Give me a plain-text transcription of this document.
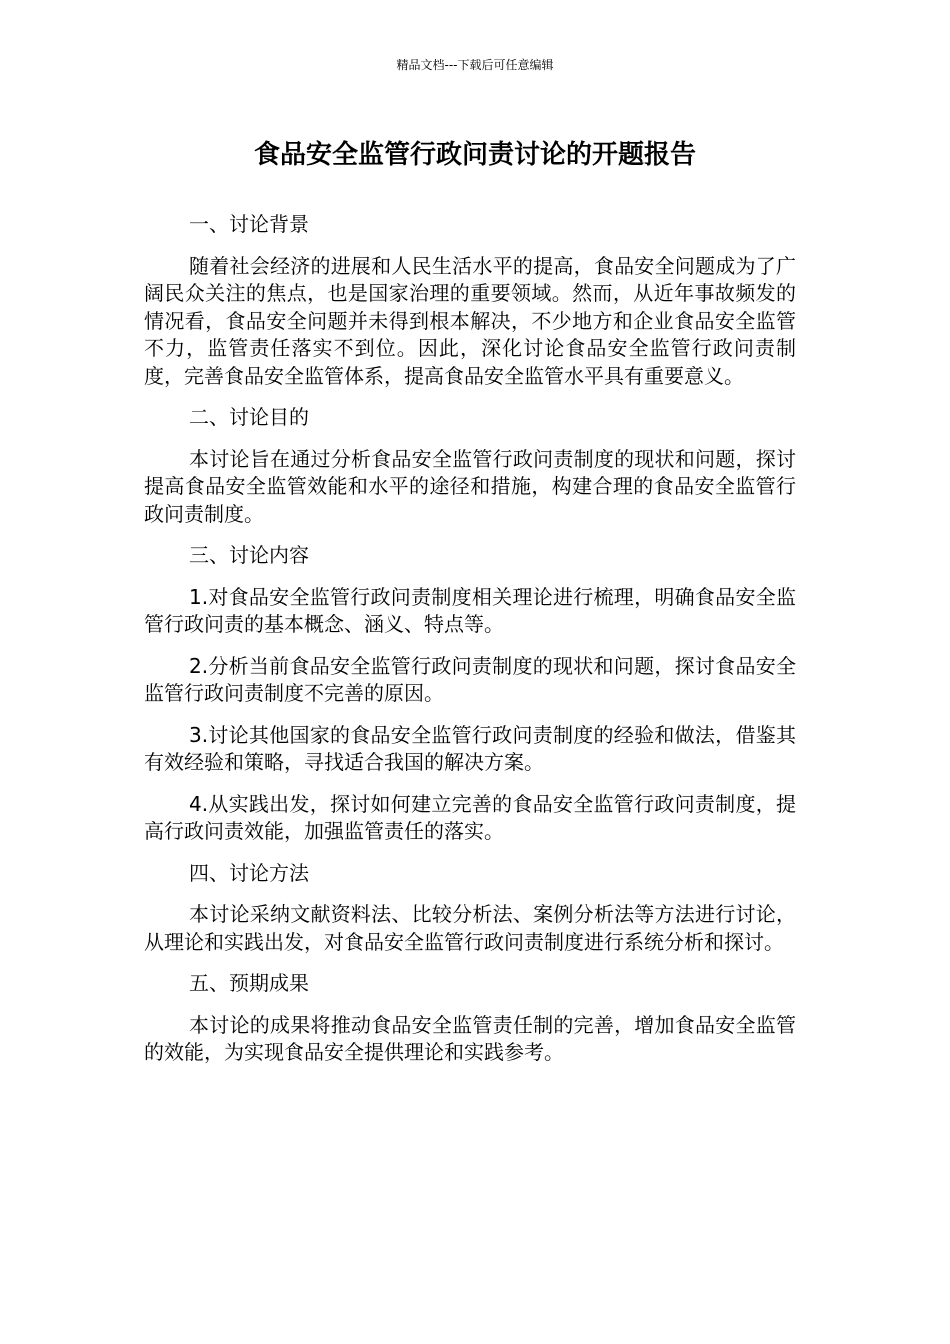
精品文档---下载后可任意编辑
食品安全监管行政问责讨论的开题报告

一、讨论背景

随着社会经济的进展和人民生活水平的提高，食品安全问题成为了广阔民众关注的焦点，也是国家治理的重要领域。然而，从近年事故频发的情况看，食品安全问题并未得到根本解决，不少地方和企业食品安全监管不力，监管责任落实不到位。因此，深化讨论食品安全监管行政问责制度，完善食品安全监管体系，提高食品安全监管水平具有重要意义。

二、讨论目的

本讨论旨在通过分析食品安全监管行政问责制度的现状和问题，探讨提高食品安全监管效能和水平的途径和措施，构建合理的食品安全监管行政问责制度。

三、讨论内容

1.对食品安全监管行政问责制度相关理论进行梳理，明确食品安全监管行政问责的基本概念、涵义、特点等。

2.分析当前食品安全监管行政问责制度的现状和问题，探讨食品安全监管行政问责制度不完善的原因。

3.讨论其他国家的食品安全监管行政问责制度的经验和做法，借鉴其有效经验和策略，寻找适合我国的解决方案。

4.从实践出发，探讨如何建立完善的食品安全监管行政问责制度，提高行政问责效能，加强监管责任的落实。

四、讨论方法

本讨论采纳文献资料法、比较分析法、案例分析法等方法进行讨论，从理论和实践出发，对食品安全监管行政问责制度进行系统分析和探讨。

五、预期成果

本讨论的成果将推动食品安全监管责任制的完善，增加食品安全监管的效能，为实现食品安全提供理论和实践参考。
